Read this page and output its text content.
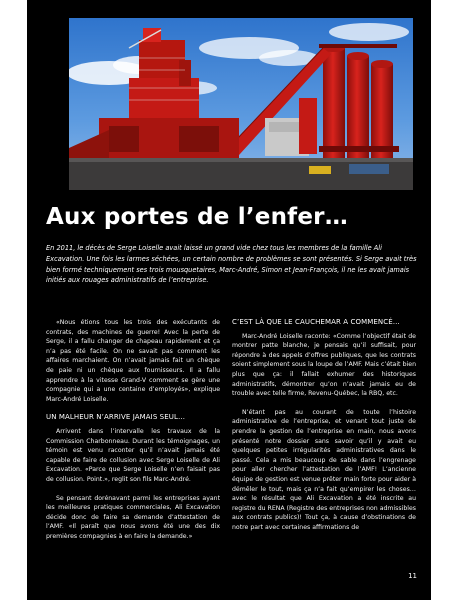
Aux portes de l’enfer…

En 2011, le décès de Serge Loiselle avait laissé un grand vide chez tous les membres de la famille Ali Excavation. Une fois les larmes séchées, un certain nombre de problèmes se sont présentés. Si Serge avait très bien formé techniquement ses trois mousquetaires, Marc-André, Simon et Jean-François, il ne les avait jamais initiés aux rouages administratifs de l’entreprise.

«Nous étions tous les trois des exécutants de contrats, des machines de guerre! Avec la perte de Serge, il a fallu changer de chapeau rapidement et ça n’a pas été facile. On ne savait pas comment les affaires marchaient. On n’avait jamais fait un chèque de paie ni un chèque aux fournisseurs. Il a fallu apprendre à la vitesse Grand-V comment se gère une compagnie qui a une centaine d’employés», explique Marc-André Loiselle.

UN MALHEUR N’ARRIVE JAMAIS SEUL…

Arrivent dans l’intervalle les travaux de la Commission Charbonneau. Durant les témoignages, un témoin est venu raconter qu’il n’avait jamais été capable de faire de collusion avec Serge Loiselle de Ali Excavation. «Parce que Serge Loiselle n’en faisait pas de collusion. Point.», reglit son fils Marc-André.

Se pensant dorénavant parmi les entreprises ayant les meilleures pratiques commerciales, Ali Excavation décide donc de faire sa demande d’attestation de l’AMF. «Il paraît que nous avons été une des dix premières compagnies à en faire la demande.»

C’EST LÀ QUE LE CAUCHEMAR A COMMENCÉ…

Marc-André Loiselle raconte: «Comme l’objectif était de montrer patte blanche, je pensais qu’il suffisait, pour répondre à des appels d’offres publiques, que les contrats soient simplement sous la loupe de l’AMF. Mais c’était bien plus que ça: il fallait exhumer des historiques administratifs, démontrer qu’on n’avait jamais eu de trouble avec telle firme, Revenu-Québec, la RBQ, etc.

N’étant pas au courant de toute l’histoire administrative de l’entreprise, et venant tout juste de prendre la gestion de l’entreprise en main, nous avons présenté notre dossier sans savoir qu’il y avait eu quelques petites irrégularités administratives dans le passé. Cela a mis beaucoup de sable dans l’engrenage pour aller chercher l’attestation de l’AMF! L’ancienne équipe de gestion est venue prêter main forte pour aider à démêler le tout, mais ça n’a fait qu’empirer les choses… avec le résultat que Ali Excavation a été inscrite au registre du RENA (Registre des entreprises non admissibles aux contrats publics)! Tout ça, à cause d’obstinations de notre part avec certaines affirmations de

11
